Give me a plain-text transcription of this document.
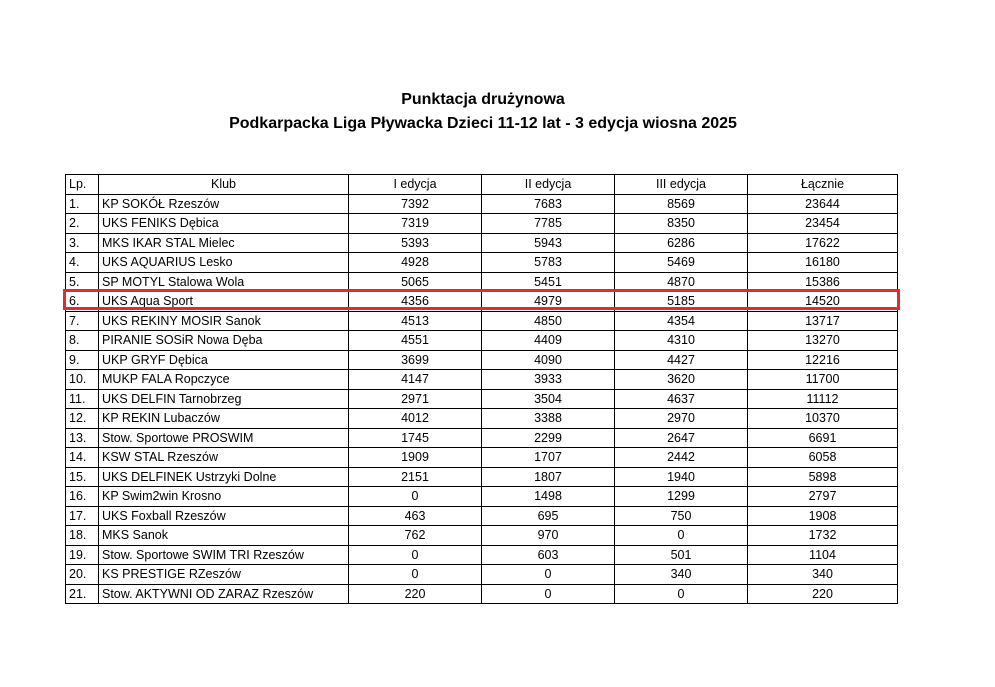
Punktacja drużynowa
Podkarpacka Liga Pływacka Dzieci 11-12 lat - 3 edycja wiosna 2025
Lp.	Klub	I edycja	II edycja	III edycja	Łącznie
1.	KP SOKÓŁ Rzeszów	7392	7683	8569	23644
2.	UKS FENIKS Dębica	7319	7785	8350	23454
3.	MKS IKAR STAL Mielec	5393	5943	6286	17622
4.	UKS AQUARIUS Lesko	4928	5783	5469	16180
5.	SP MOTYL Stalowa Wola	5065	5451	4870	15386
6.	UKS Aqua Sport	4356	4979	5185	14520
7.	UKS REKINY MOSIR Sanok	4513	4850	4354	13717
8.	PIRANIE SOSiR Nowa Dęba	4551	4409	4310	13270
9.	UKP GRYF Dębica	3699	4090	4427	12216
10.	MUKP FALA Ropczyce	4147	3933	3620	11700
11.	UKS DELFIN Tarnobrzeg	2971	3504	4637	11112
12.	KP REKIN Lubaczów	4012	3388	2970	10370
13.	Stow. Sportowe PROSWIM	1745	2299	2647	6691
14.	KSW STAL Rzeszów	1909	1707	2442	6058
15.	UKS DELFINEK Ustrzyki Dolne	2151	1807	1940	5898
16.	KP Swim2win Krosno	0	1498	1299	2797
17.	UKS Foxball Rzeszów	463	695	750	1908
18.	MKS Sanok	762	970	0	1732
19.	Stow. Sportowe SWIM TRI Rzeszów	0	603	501	1104
20.	KS PRESTIGE RZeszów	0	0	340	340
21.	Stow. AKTYWNI OD ZARAZ Rzeszów	220	0	0	220
